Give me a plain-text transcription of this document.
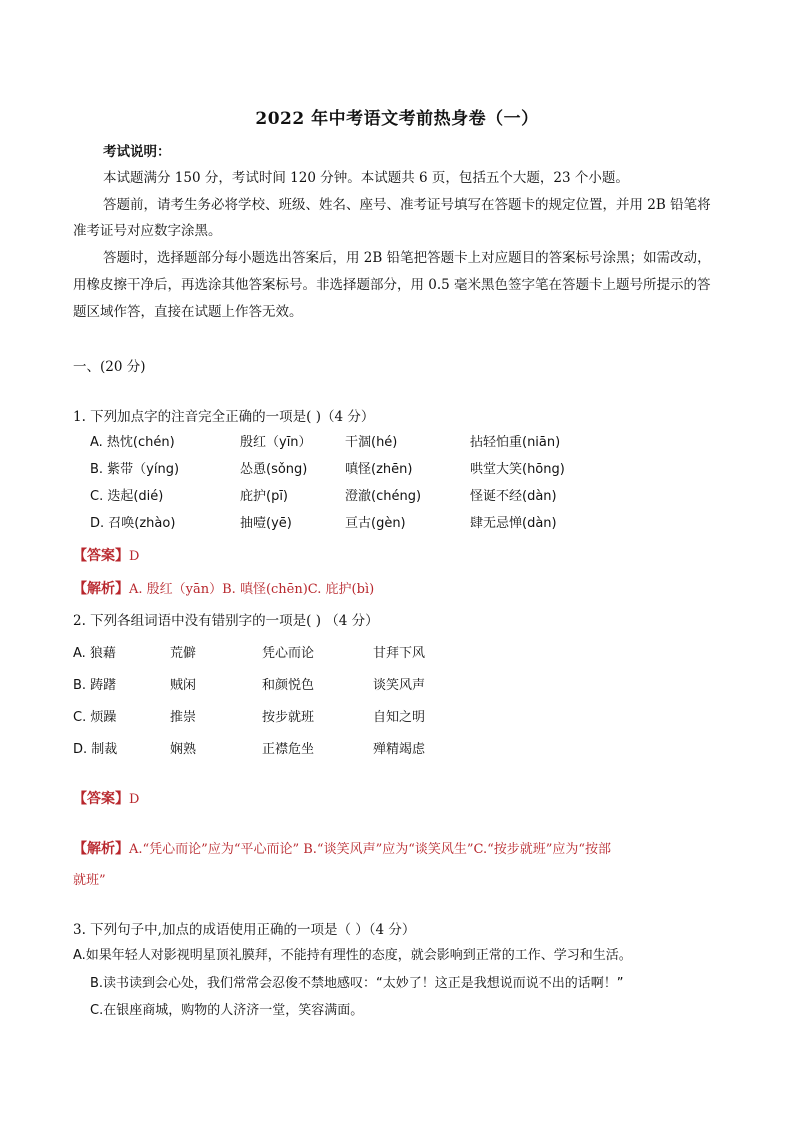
2022 年中考语文考前热身卷（一）
考试说明：
本试题满分 150 分，考试时间 120 分钟。本试题共 6 页，包括五个大题，23 个小题。
答题前，请考生务必将学校、班级、姓名、座号、准考证号填写在答题卡的规定位置，并用 2B 铅笔将
准考证号对应数字涂黑。
答题时，选择题部分每小题选出答案后，用 2B 铅笔把答题卡上对应题目的答案标号涂黑；如需改动，
用橡皮擦干净后，再选涂其他答案标号。非选择题部分，用 0.5 毫米黑色签字笔在答题卡上题号所提示的答
题区域作答，直接在试题上作答无效。
一、(20 分)
1. 下列加点字的注音完全正确的一项是( )（4 分）
A. 热忱(chén)	殷红（yīn）	干涸(hé)	拈轻怕重(niān)
B. 紫带（yíng)	怂恿(sǒng)	嗔怪(zhēn)	哄堂大笑(hōng)
C. 迭起(dié)	庇护(pī)	澄澈(chéng)	怪诞不经(dàn)
D. 召唤(zhào)	抽噎(yē)	亘古(gèn)	肆无忌惮(dàn)
【答案】D
【解析】A. 殷红（yān）B. 嗔怪(chēn)C. 庇护(bì)
2. 下列各组词语中没有错别字的一项是( ) （4 分）
A. 狼藉	荒僻	凭心而论	甘拜下风
B. 踌躇	贼闲	和颜悦色	谈笑风声
C. 烦躁	推崇	按步就班	自知之明
D. 制裁	娴熟	正襟危坐	殚精竭虑
【答案】D
【解析】A.“凭心而论”应为“平心而论” B.“谈笑风声”应为“谈笑风生”C.“按步就班”应为“按部
就班”
3. 下列句子中,加点的成语使用正确的一项是（ ）（4 分）
A.如果年轻人对影视明星顶礼膜拜，不能持有理性的态度，就会影响到正常的工作、学习和生活。
B.读书读到会心处，我们常常会忍俊不禁地感叹：“太妙了！这正是我想说而说不出的话啊！”
C.在银座商城，购物的人济济一堂，笑容满面。
